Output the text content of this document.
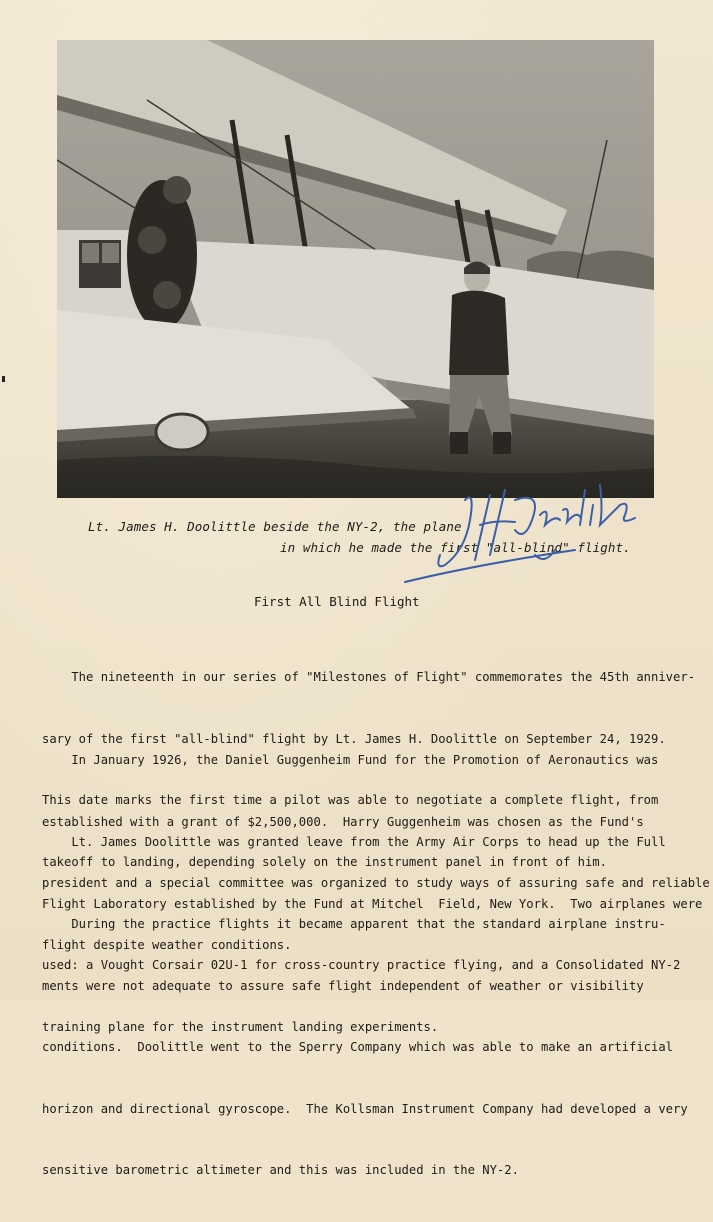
Lt. James H. Doolittle beside the NY-2, the plane
in which he made the first "all-blind" flight.
First All Blind Flight

The nineteenth in our series of "Milestones of Flight" commemorates the 45th anniver-

sary of the first "all-blind" flight by Lt. James H. Doolittle on September 24, 1929.

This date marks the first time a pilot was able to negotiate a complete flight, from

takeoff to landing, depending solely on the instrument panel in front of him.

In January 1926, the Daniel Guggenheim Fund for the Promotion of Aeronautics was

established with a grant of $2,500,000.  Harry Guggenheim was chosen as the Fund's

president and a special committee was organized to study ways of assuring safe and reliable

flight despite weather conditions.

Lt. James Doolittle was granted leave from the Army Air Corps to head up the Full

Flight Laboratory established by the Fund at Mitchel  Field, New York.  Two airplanes were

used: a Vought Corsair 02U-1 for cross-country practice flying, and a Consolidated NY-2

training plane for the instrument landing experiments.

During the practice flights it became apparent that the standard airplane instru-

ments were not adequate to assure safe flight independent of weather or visibility

conditions.  Doolittle went to the Sperry Company which was able to make an artificial

horizon and directional gyroscope.  The Kollsman Instrument Company had developed a very

sensitive barometric altimeter and this was included in the NY-2.
